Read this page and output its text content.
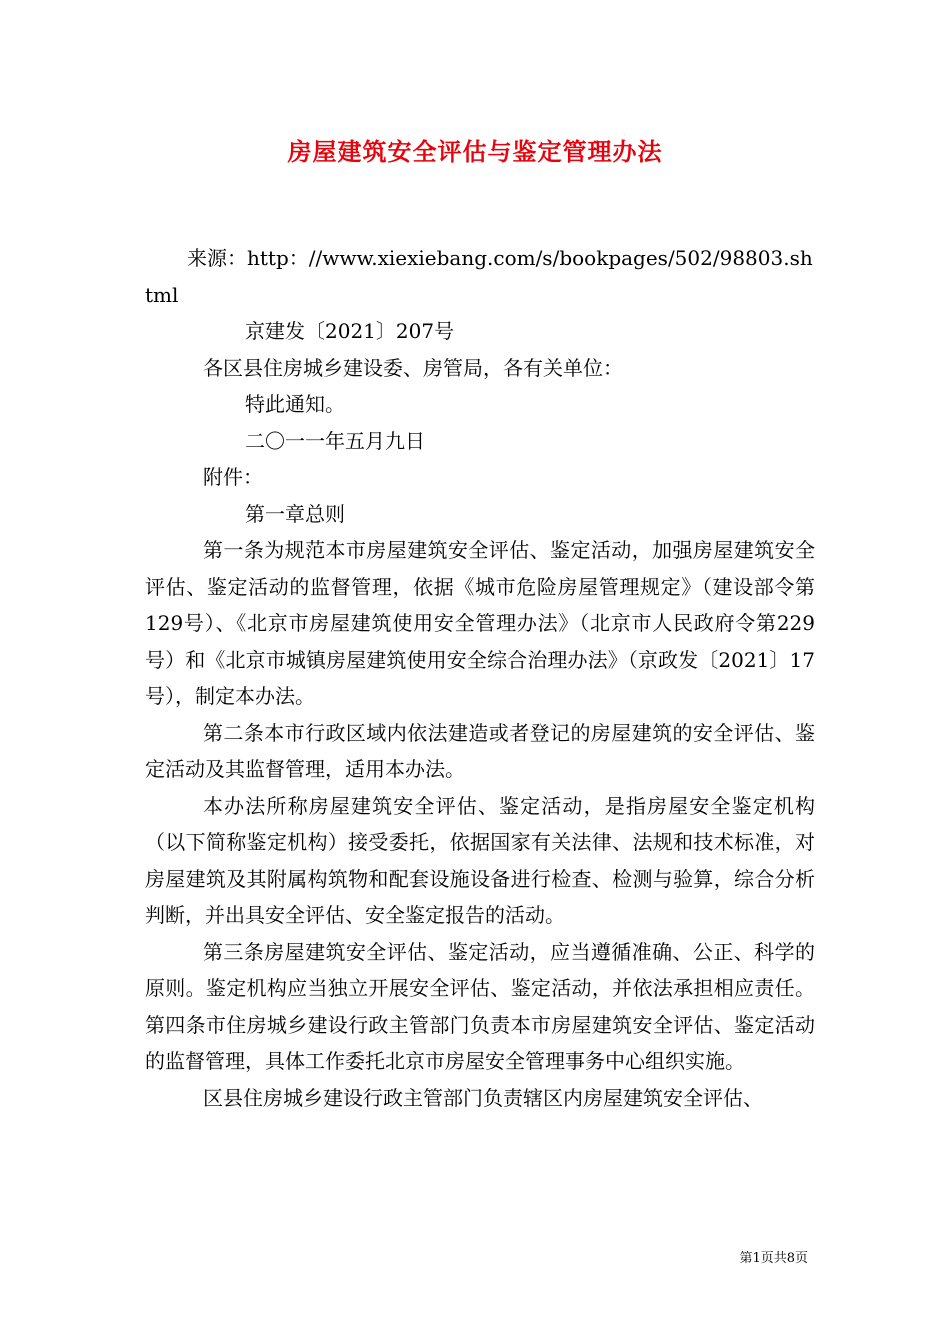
房屋建筑安全评估与鉴定管理办法

来源：http：//www.xiexiebang.com/s/bookpages/502/98803.shtml

京建发〔2021〕207号

各区县住房城乡建设委、房管局，各有关单位：

特此通知。

二〇一一年五月九日

附件：

第一章总则

第一条为规范本市房屋建筑安全评估、鉴定活动，加强房屋建筑安全评估、鉴定活动的监督管理，依据《城市危险房屋管理规定》（建设部令第129号）、《北京市房屋建筑使用安全管理办法》（北京市人民政府令第229号）和《北京市城镇房屋建筑使用安全综合治理办法》（京政发〔2021〕17号），制定本办法。

第二条本市行政区域内依法建造或者登记的房屋建筑的安全评估、鉴定活动及其监督管理，适用本办法。

本办法所称房屋建筑安全评估、鉴定活动，是指房屋安全鉴定机构（以下简称鉴定机构）接受委托，依据国家有关法律、法规和技术标准，对房屋建筑及其附属构筑物和配套设施设备进行检查、检测与验算，综合分析判断，并出具安全评估、安全鉴定报告的活动。

第三条房屋建筑安全评估、鉴定活动，应当遵循准确、公正、科学的原则。鉴定机构应当独立开展安全评估、鉴定活动，并依法承担相应责任。第四条市住房城乡建设行政主管部门负责本市房屋建筑安全评估、鉴定活动的监督管理，具体工作委托北京市房屋安全管理事务中心组织实施。

区县住房城乡建设行政主管部门负责辖区内房屋建筑安全评估、

第1页共8页
